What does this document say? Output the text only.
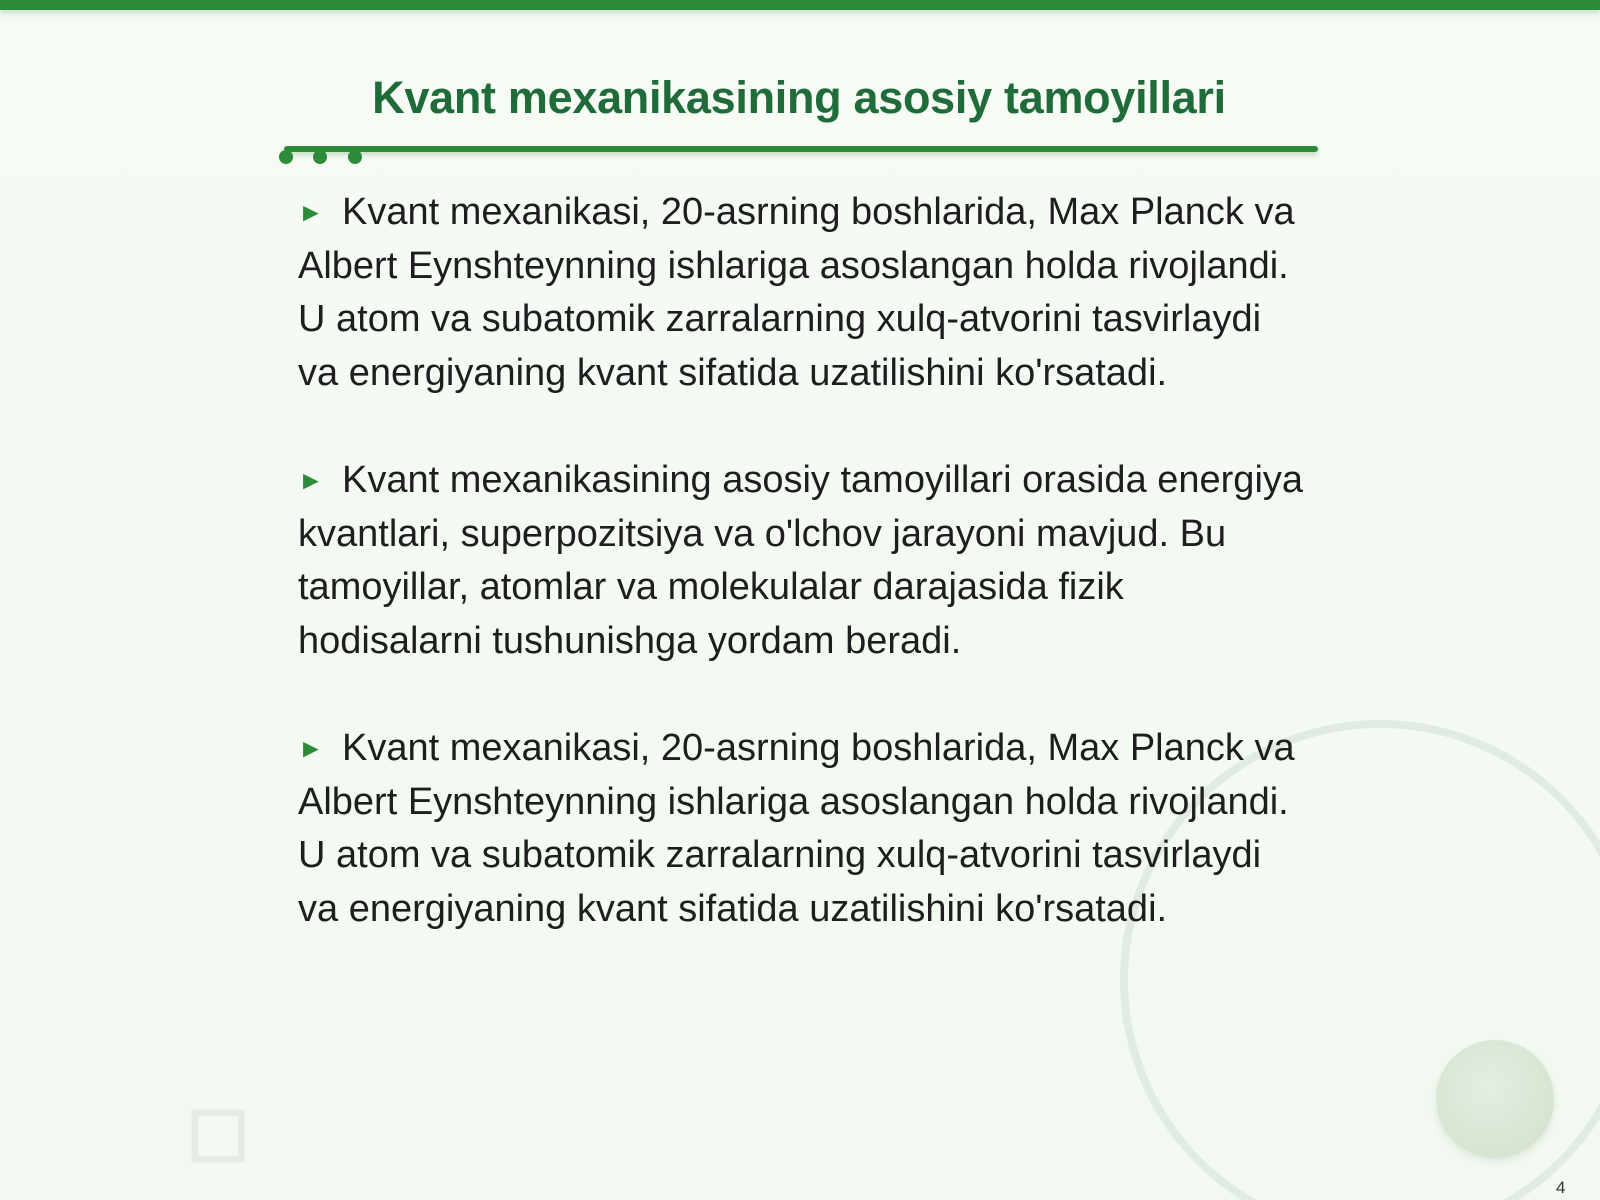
Kvant mexanikasining asosiy tamoyillari
► Kvant mexanikasi, 20-asrning boshlarida, Max Planck va Albert Eynshteynning ishlariga asoslangan holda rivojlandi. U atom va subatomik zarralarning xulq-atvorini tasvirlaydi va energiyaning kvant sifatida uzatilishini ko'rsatadi.
► Kvant mexanikasining asosiy tamoyillari orasida energiya kvantlari, superpozitsiya va o'lchov jarayoni mavjud. Bu tamoyillar, atomlar va molekulalar darajasida fizik hodisalarni tushunishga yordam beradi.
► Kvant mexanikasi, 20-asrning boshlarida, Max Planck va Albert Eynshteynning ishlariga asoslangan holda rivojlandi. U atom va subatomik zarralarning xulq-atvorini tasvirlaydi va energiyaning kvant sifatida uzatilishini ko'rsatadi.
4
